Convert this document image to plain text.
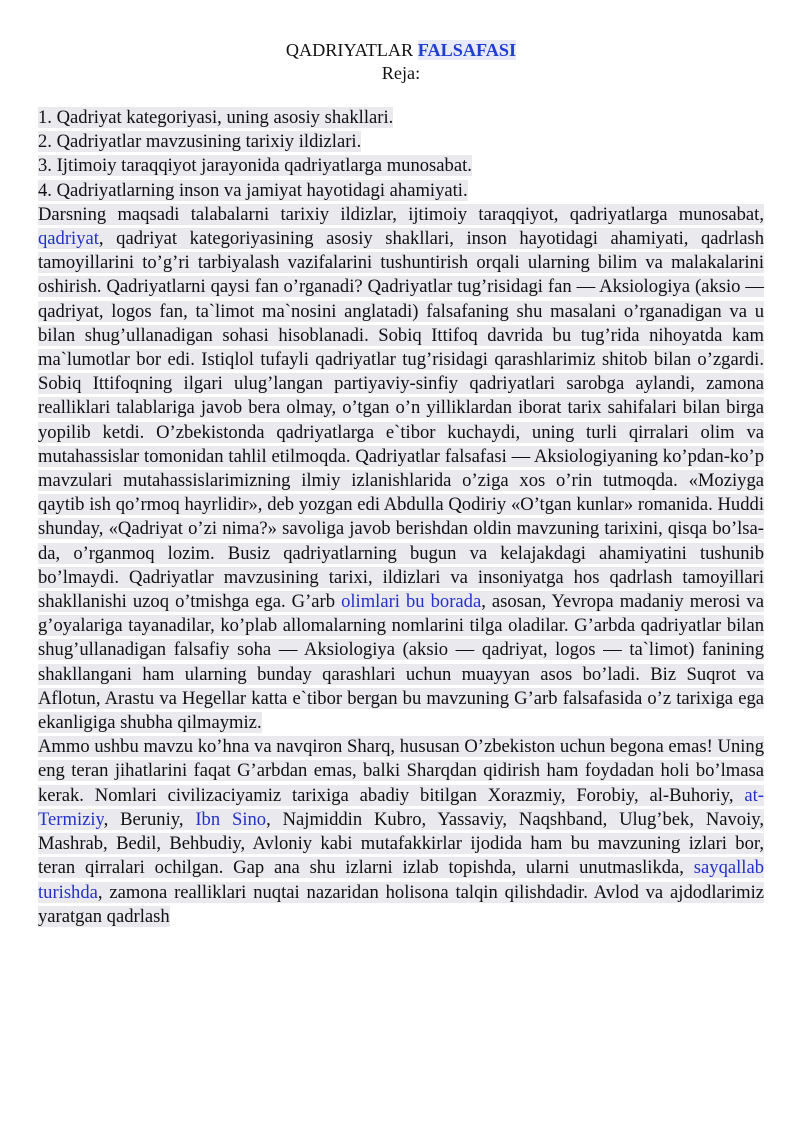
QADRIYATLAR FALSAFASI
Reja:
1. Qadriyat kategoriyasi, uning asosiy shakllari.
2. Qadriyatlar mavzusining tarixiy ildizlari.
3. Ijtimoiy taraqqiyot jarayonida qadriyatlarga munosabat.
4. Qadriyatlarning inson va jamiyat hayotidagi ahamiyati.

Darsning maqsadi talabalarni tarixiy ildizlar, ijtimoiy taraqqiyot, qadriyatlarga munosabat, qadriyat, qadriyat kategoriyasining asosiy shakllari, inson hayotidagi ahamiyati, qadrlash tamoyillarini to’g’ri tarbiyalash vazifalarini tushuntirish orqali ularning bilim va malakalarini oshirish. Qadriyatlarni qaysi fan o’rganadi? Qadriyatlar tug’risidagi fan — Aksiologiya (aksio — qadriyat, logos fan, ta`limot ma`nosini anglatadi) falsafaning shu masalani o’rganadigan va u bilan shug’ullanadigan sohasi hisoblanadi. Sobiq Ittifoq davrida bu tug’rida nihoyatda kam ma`lumotlar bor edi. Istiqlol tufayli qadriyatlar tug’risidagi qarashlarimiz shitob bilan o’zgardi. Sobiq Ittifoqning ilgari ulug’langan partiyaviy-sinfiy qadriyatlari sarobga aylandi, zamona realliklari talablariga javob bera olmay, o’tgan o’n yilliklardan iborat tarix sahifalari bilan birga yopilib ketdi. O’zbekistonda qadriyatlarga e`tibor kuchaydi, uning turli qirralari olim va mutahassislar tomonidan tahlil etilmoqda. Qadriyatlar falsafasi — Aksiologiyaning ko’pdan-ko’p mavzulari mutahassislarimizning ilmiy izlanishlarida o’ziga xos o’rin tutmoqda. «Moziyga qaytib ish qo’rmoq hayrlidir», deb yozgan edi Abdulla Qodiriy «O’tgan kunlar» romanida. Huddi shunday, «Qadriyat o’zi nima?» savoliga javob berishdan oldin mavzuning tarixini, qisqa bo’lsa-da, o’rganmoq lozim. Busiz qadriyatlarning bugun va kelajakdagi ahamiyatini tushunib bo’lmaydi. Qadriyatlar mavzusining tarixi, ildizlari va insoniyatga hos qadrlash tamoyillari shakllanishi uzoq o’tmishga ega. G’arb olimlari bu borada, asosan, Yevropa madaniy merosi va g’oyalariga tayanadilar, ko’plab allomalarning nomlarini tilga oladilar. G’arbda qadriyatlar bilan shug’ullanadigan falsafiy soha — Aksiologiya (aksio — qadriyat, logos — ta`limot) fanining shakllangani ham ularning bunday qarashlari uchun muayyan asos bo’ladi. Biz Suqrot va Aflotun, Arastu va Hegellar katta e`tibor bergan bu mavzuning G’arb falsafasida o’z tarixiga ega ekanligiga shubha qilmaymiz.

Ammo ushbu mavzu ko’hna va navqiron Sharq, hususan O’zbekiston uchun begona emas! Uning eng teran jihatlarini faqat G’arbdan emas, balki Sharqdan qidirish ham foydadan holi bo’lmasa kerak. Nomlari civilizaciyamiz tarixiga abadiy bitilgan Xorazmiy, Forobiy, al-Buhoriy, at-Termiziy, Beruniy, Ibn Sino, Najmiddin Kubro, Yassaviy, Naqshband, Ulug’bek, Navoiy, Mashrab, Bedil, Behbudiy, Avloniy kabi mutafakkirlar ijodida ham bu mavzuning izlari bor, teran qirralari ochilgan. Gap ana shu izlarni izlab topishda, ularni unutmaslikda, sayqallab turishda, zamona realliklari nuqtai nazaridan holisona talqin qilishdadir. Avlod va ajdodlarimiz yaratgan qadrlash
